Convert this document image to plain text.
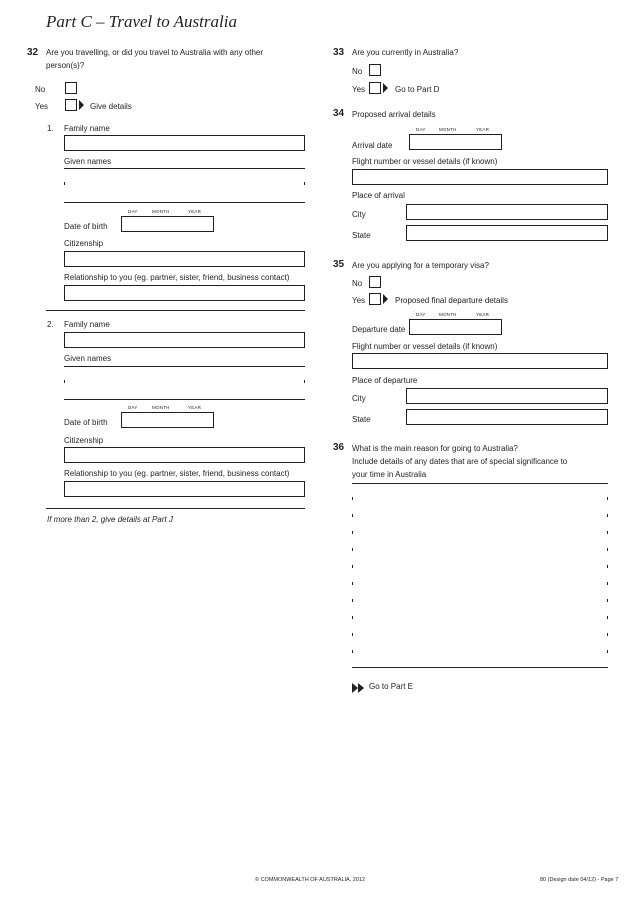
Part C – Travel to Australia
32 Are you travelling, or did you travel to Australia with any other
person(s)?
No
Yes	Give details
1. Family name
Given names
DAY	MONTH	YEAR
Date of birth
Citizenship
Relationship to you (eg. partner, sister, friend, business contact)
2. Family name
Given names
DAY	MONTH	YEAR
Date of birth
Citizenship
Relationship to you (eg. partner, sister, friend, business contact)
If more than 2, give details at Part J
33 Are you currently in Australia?
No
Yes	Go to Part D
34 Proposed arrival details
DAY	MONTH	YEAR
Arrival date
Flight number or vessel details (if known)
Place of arrival
City
State
35 Are you applying for a temporary visa?
No
Yes	Proposed final departure details
DAY	MONTH	YEAR
Departure date
Flight number or vessel details (if known)
Place of departure
City
State
36 What is the main reason for going to Australia?
Include details of any dates that are of special significance to
your time in Australia
Go to Part E
© COMMONWEALTH OF AUSTRALIA, 2012	80 (Design date 04/12) - Page 7
